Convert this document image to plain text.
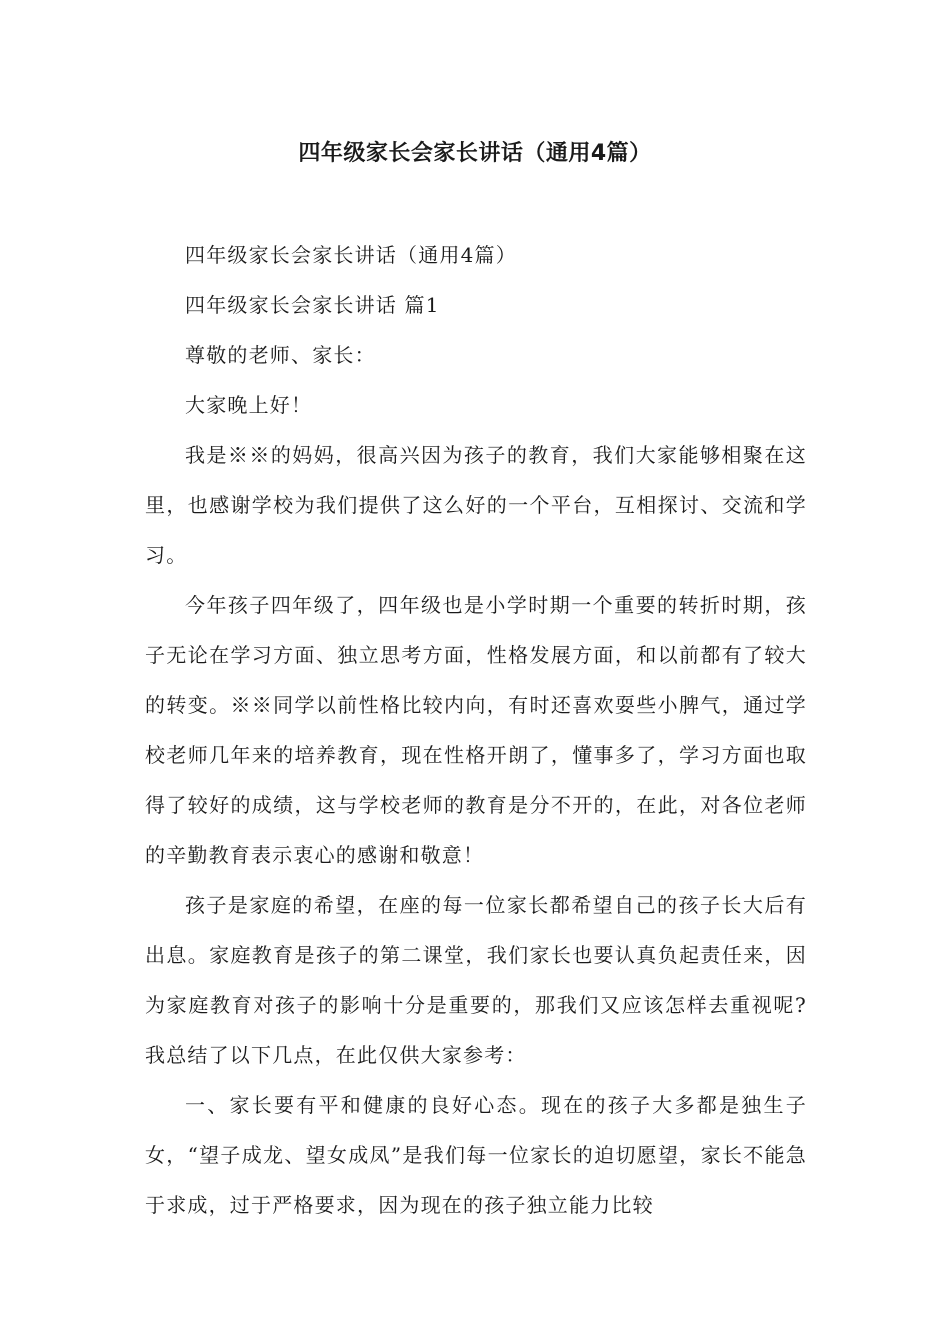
四年级家长会家长讲话（通用4篇）

四年级家长会家长讲话（通用4篇）

四年级家长会家长讲话 篇1

尊敬的老师、家长：

大家晚上好！

我是※※的妈妈，很高兴因为孩子的教育，我们大家能够相聚在这里，也感谢学校为我们提供了这么好的一个平台，互相探讨、交流和学习。

今年孩子四年级了，四年级也是小学时期一个重要的转折时期，孩子无论在学习方面、独立思考方面，性格发展方面，和以前都有了较大的转变。※※同学以前性格比较内向，有时还喜欢耍些小脾气，通过学校老师几年来的培养教育，现在性格开朗了，懂事多了，学习方面也取得了较好的成绩，这与学校老师的教育是分不开的，在此，对各位老师的辛勤教育表示衷心的感谢和敬意！

孩子是家庭的希望，在座的每一位家长都希望自己的孩子长大后有出息。家庭教育是孩子的第二课堂，我们家长也要认真负起责任来，因为家庭教育对孩子的影响十分是重要的，那我们又应该怎样去重视呢?我总结了以下几点，在此仅供大家参考：

一、家长要有平和健康的良好心态。现在的孩子大多都是独生子女，“望子成龙、望女成凤”是我们每一位家长的迫切愿望，家长不能急于求成，过于严格要求，因为现在的孩子独立能力比较
